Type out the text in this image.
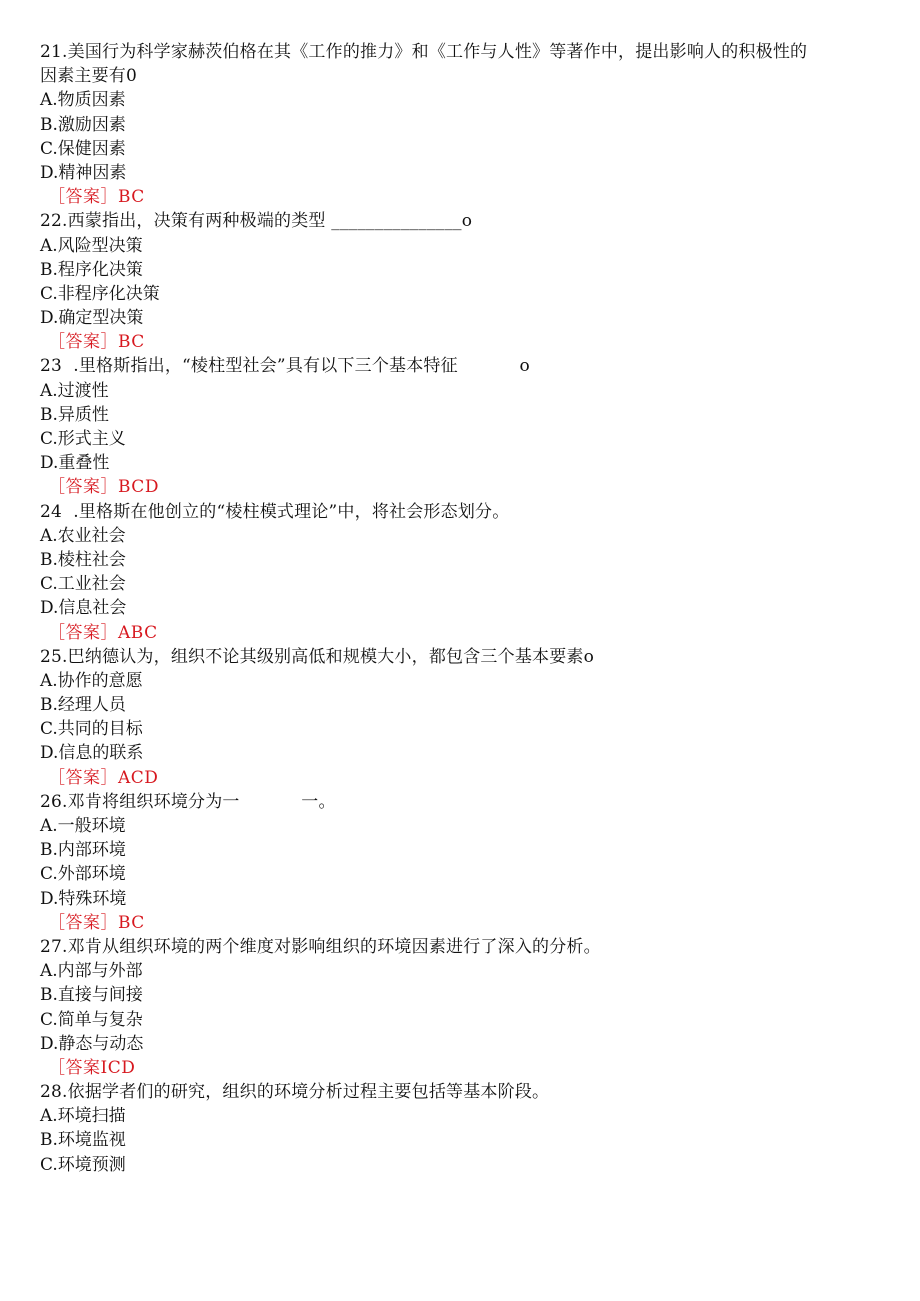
21.美国行为科学家赫茨伯格在其《工作的推力》和《工作与人性》等著作中，提出影响人的积极性的
因素主要有0
A.物质因素
B.激励因素
C.保健因素
D.精神因素
［答案］BC
22.西蒙指出，决策有两种极端的类型 _______________o
A.风险型决策
B.程序化决策
C.非程序化决策
D.确定型决策
［答案］BC
23  .里格斯指出，“棱柱型社会”具有以下三个基本特征           o
A.过渡性
B.异质性
C.形式主义
D.重叠性
［答案］BCD
24  .里格斯在他创立的“棱柱模式理论”中，将社会形态划分。
A.农业社会
B.棱柱社会
C.工业社会
D.信息社会
［答案］ABC
25.巴纳德认为，组织不论其级别高低和规模大小，都包含三个基本要素o
A.协作的意愿
B.经理人员
C.共同的目标
D.信息的联系
［答案］ACD
26.邓肯将组织环境分为一           一。
A.一般环境
B.内部环境
C.外部环境
D.特殊环境
［答案］BC
27.邓肯从组织环境的两个维度对影响组织的环境因素进行了深入的分析。
A.内部与外部
B.直接与间接
C.简单与复杂
D.静态与动态
［答案ICD
28.依据学者们的研究，组织的环境分析过程主要包括等基本阶段。
A.环境扫描
B.环境监视
C.环境预测
